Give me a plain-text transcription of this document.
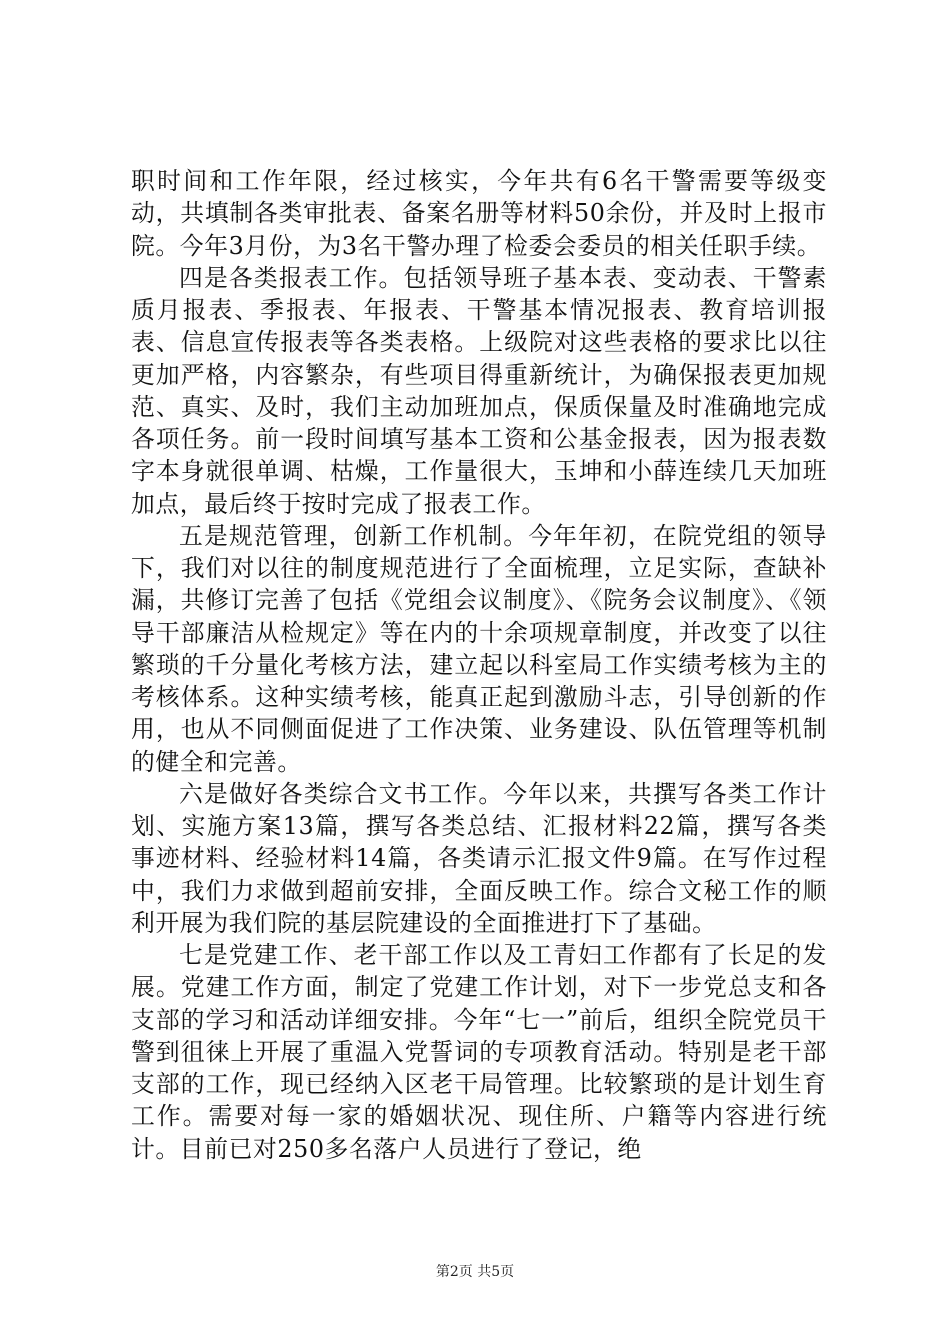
职时间和工作年限，经过核实，今年共有6名干警需要等级变动，共填制各类审批表、备案名册等材料50余份，并及时上报市院。今年3月份，为3名干警办理了检委会委员的相关任职手续。

四是各类报表工作。包括领导班子基本表、变动表、干警素质月报表、季报表、年报表、干警基本情况报表、教育培训报表、信息宣传报表等各类表格。上级院对这些表格的要求比以往更加严格，内容繁杂，有些项目得重新统计，为确保报表更加规范、真实、及时，我们主动加班加点，保质保量及时准确地完成各项任务。前一段时间填写基本工资和公基金报表，因为报表数字本身就很单调、枯燥，工作量很大，玉坤和小薛连续几天加班加点，最后终于按时完成了报表工作。

五是规范管理，创新工作机制。今年年初，在院党组的领导下，我们对以往的制度规范进行了全面梳理，立足实际，查缺补漏，共修订完善了包括《党组会议制度》、《院务会议制度》、《领导干部廉洁从检规定》等在内的十余项规章制度，并改变了以往繁琐的千分量化考核方法，建立起以科室局工作实绩考核为主的考核体系。这种实绩考核，能真正起到激励斗志，引导创新的作用，也从不同侧面促进了工作决策、业务建设、队伍管理等机制的健全和完善。

六是做好各类综合文书工作。今年以来，共撰写各类工作计划、实施方案13篇，撰写各类总结、汇报材料22篇，撰写各类事迹材料、经验材料14篇，各类请示汇报文件9篇。在写作过程中，我们力求做到超前安排，全面反映工作。综合文秘工作的顺利开展为我们院的基层院建设的全面推进打下了基础。

七是党建工作、老干部工作以及工青妇工作都有了长足的发展。党建工作方面，制定了党建工作计划，对下一步党总支和各支部的学习和活动详细安排。今年“七一”前后，组织全院党员干警到徂徕上开展了重温入党誓词的专项教育活动。特别是老干部支部的工作，现已经纳入区老干局管理。比较繁琐的是计划生育工作。需要对每一家的婚姻状况、现住所、户籍等内容进行统计。目前已对250多名落户人员进行了登记，绝

第2页 共5页
